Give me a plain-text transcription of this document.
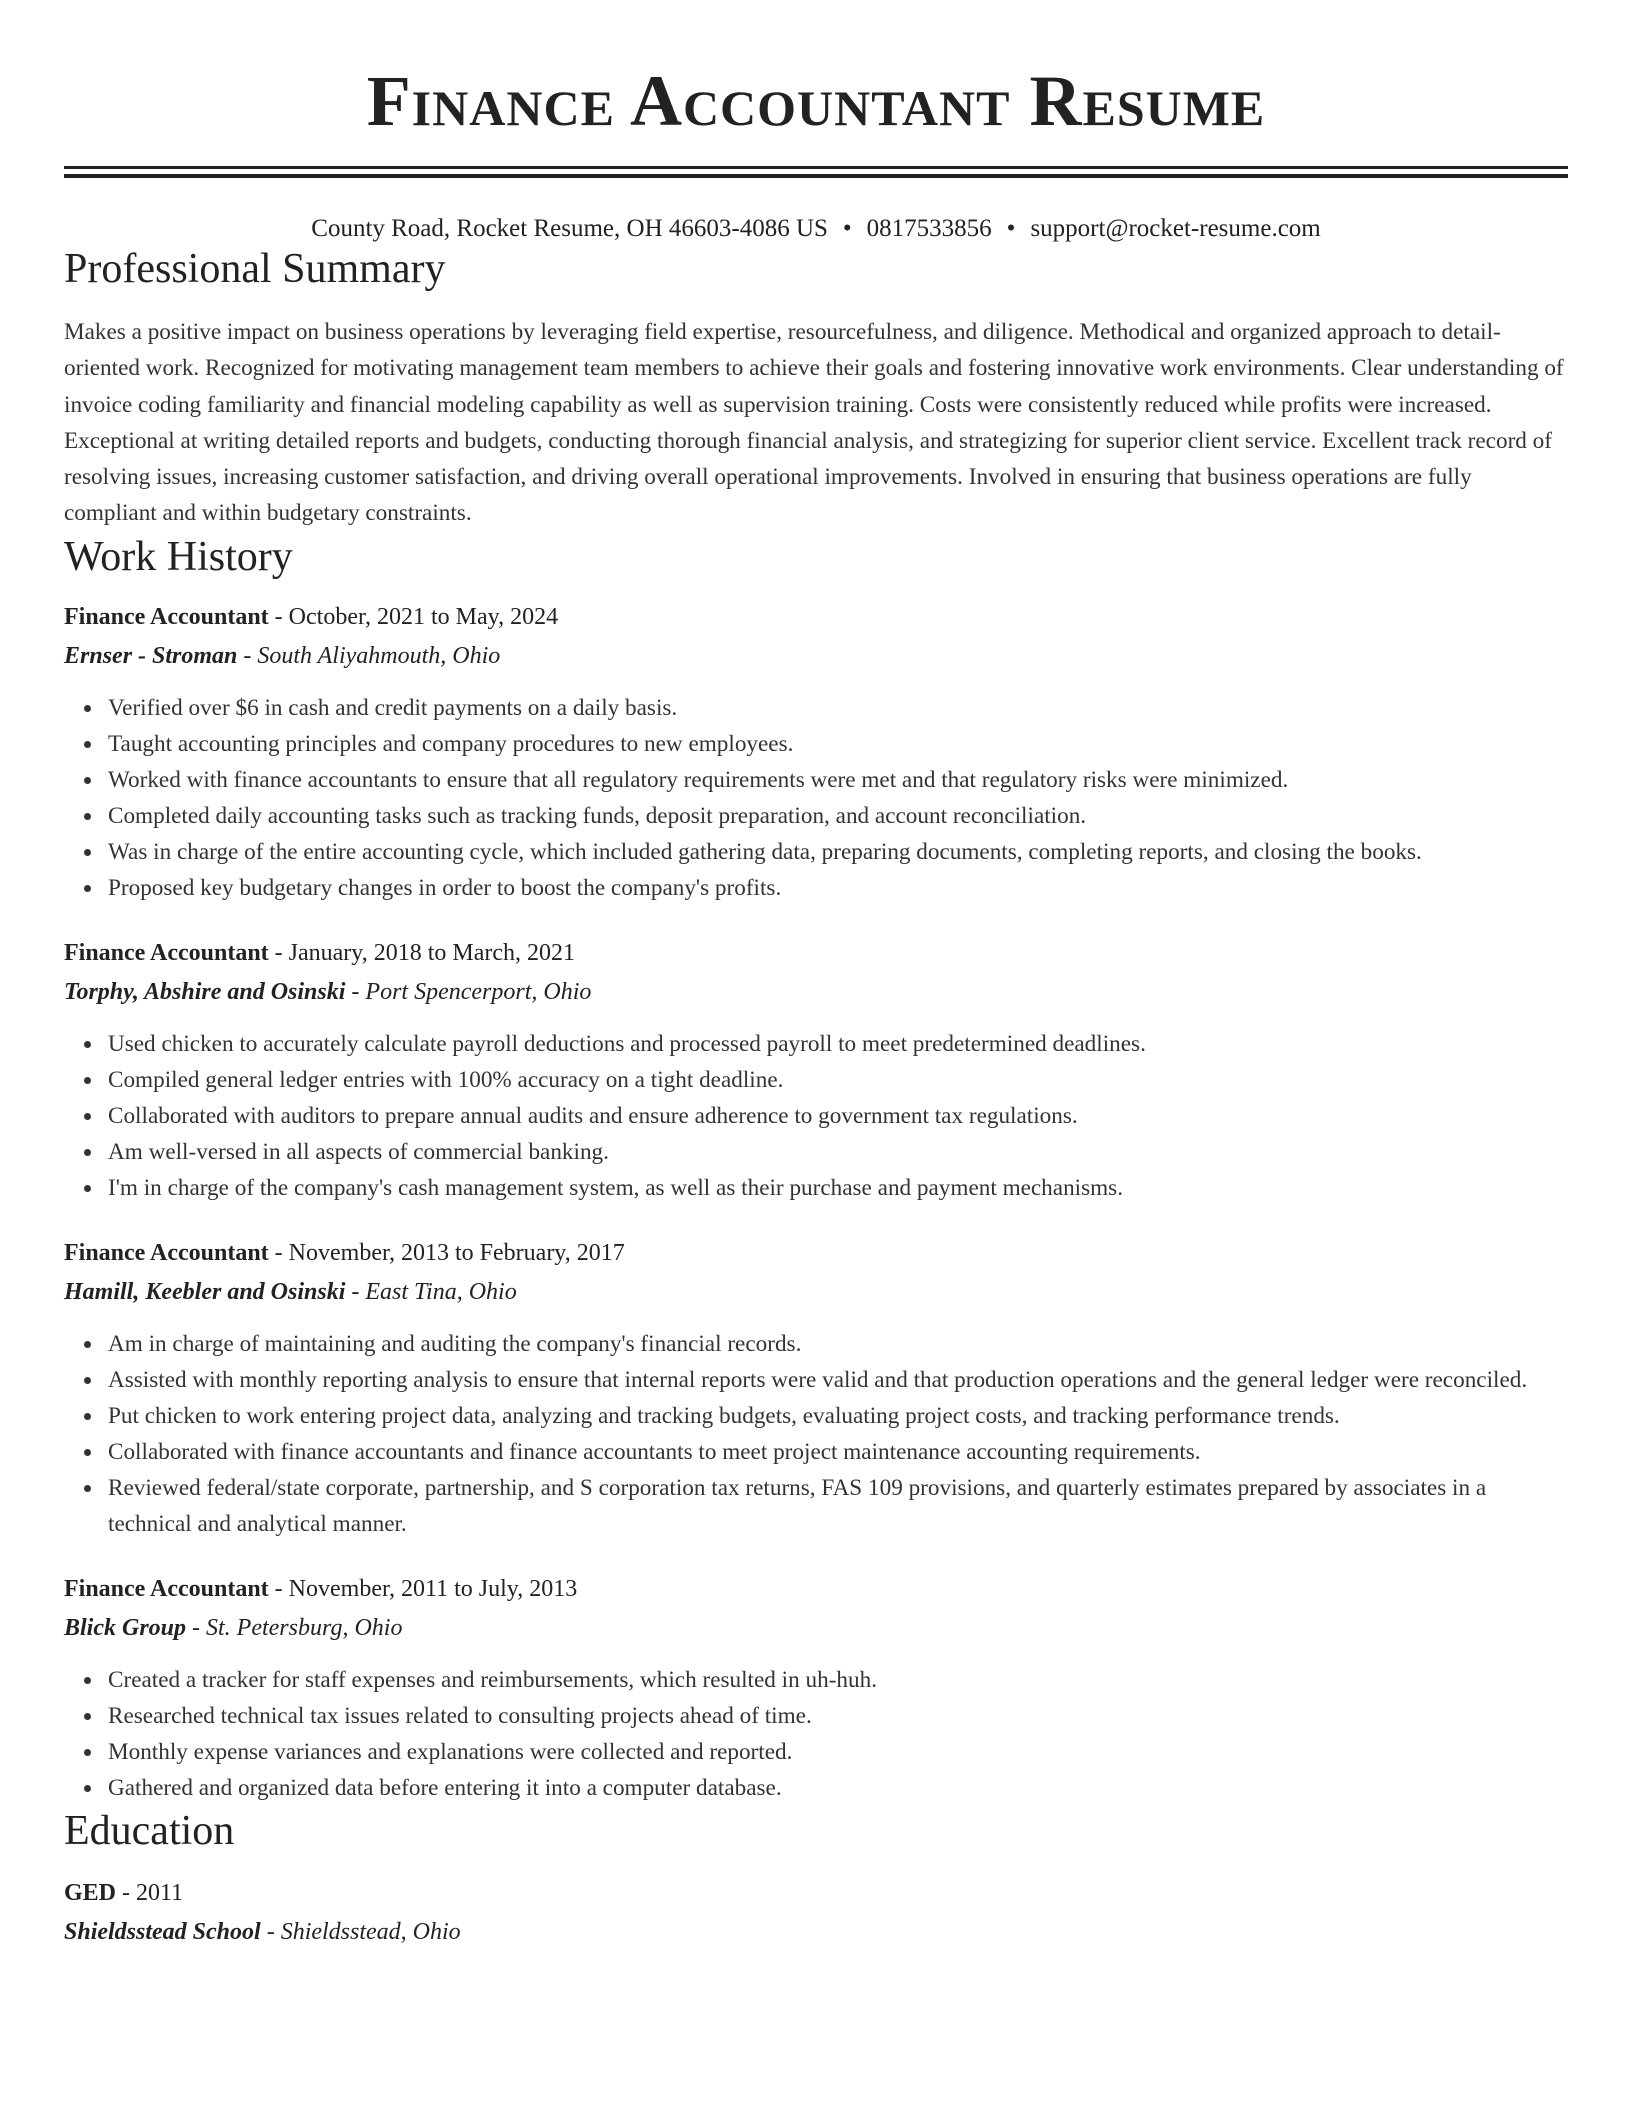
Finance Accountant Resume
County Road, Rocket Resume, OH 46603-4086 US • 0817533856 • support@rocket-resume.com
Professional Summary

Makes a positive impact on business operations by leveraging field expertise, resourcefulness, and diligence. Methodical and organized approach to detail-oriented work. Recognized for motivating management team members to achieve their goals and fostering innovative work environments. Clear understanding of invoice coding familiarity and financial modeling capability as well as supervision training. Costs were consistently reduced while profits were increased. Exceptional at writing detailed reports and budgets, conducting thorough financial analysis, and strategizing for superior client service. Excellent track record of resolving issues, increasing customer satisfaction, and driving overall operational improvements. Involved in ensuring that business operations are fully compliant and within budgetary constraints.

Work History
Finance Accountant - October, 2021 to May, 2024
Ernser - Stroman - South Aliyahmouth, Ohio
Verified over $6 in cash and credit payments on a daily basis.
Taught accounting principles and company procedures to new employees.
Worked with finance accountants to ensure that all regulatory requirements were met and that regulatory risks were minimized.
Completed daily accounting tasks such as tracking funds, deposit preparation, and account reconciliation.
Was in charge of the entire accounting cycle, which included gathering data, preparing documents, completing reports, and closing the books.
Proposed key budgetary changes in order to boost the company's profits.
Finance Accountant - January, 2018 to March, 2021
Torphy, Abshire and Osinski - Port Spencerport, Ohio
Used chicken to accurately calculate payroll deductions and processed payroll to meet predetermined deadlines.
Compiled general ledger entries with 100% accuracy on a tight deadline.
Collaborated with auditors to prepare annual audits and ensure adherence to government tax regulations.
Am well-versed in all aspects of commercial banking.
I'm in charge of the company's cash management system, as well as their purchase and payment mechanisms.
Finance Accountant - November, 2013 to February, 2017
Hamill, Keebler and Osinski - East Tina, Ohio
Am in charge of maintaining and auditing the company's financial records.
Assisted with monthly reporting analysis to ensure that internal reports were valid and that production operations and the general ledger were reconciled.
Put chicken to work entering project data, analyzing and tracking budgets, evaluating project costs, and tracking performance trends.
Collaborated with finance accountants and finance accountants to meet project maintenance accounting requirements.
Reviewed federal/state corporate, partnership, and S corporation tax returns, FAS 109 provisions, and quarterly estimates prepared by associates in a technical and analytical manner.
Finance Accountant - November, 2011 to July, 2013
Blick Group - St. Petersburg, Ohio
Created a tracker for staff expenses and reimbursements, which resulted in uh-huh.
Researched technical tax issues related to consulting projects ahead of time.
Monthly expense variances and explanations were collected and reported.
Gathered and organized data before entering it into a computer database.
Education
GED - 2011
Shieldsstead School - Shieldsstead, Ohio
